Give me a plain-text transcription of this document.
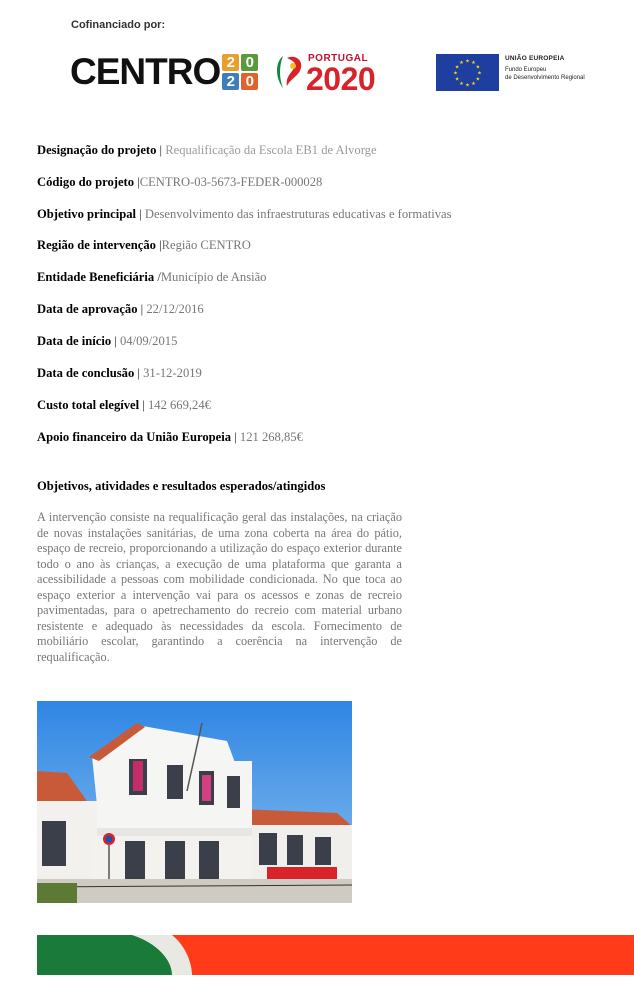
Cofinanciado por:
CENTRO 2 0
2 0
PORTUGAL
2020	★
★
★
★
★
★
★
★
★ ★ ★
★
UNIÃO EUROPEIA
Fundo Europeu
de Desenvolvimento Regional
Designação do projeto | Requalificação da Escola EB1 de Alvorge
Código do projeto |CENTRO-03-5673-FEDER-000028
Objetivo principal | Desenvolvimento das infraestruturas educativas e formativas
Região de intervenção |Região CENTRO
Entidade Beneficiária /Município de Ansião
Data de aprovação | 22/12/2016
Data de início | 04/09/2015
Data de conclusão | 31-12-2019
Custo total elegível | 142 669,24€
Apoio financeiro da União Europeia | 121 268,85€
Objetivos, atividades e resultados esperados/atingidos

A intervenção consiste na requalificação geral das instalações, na criação de novas instalações sanitárias, de uma zona coberta na área do pátio, espaço de recreio, proporcionando a utilização do espaço exterior durante todo o ano às crianças, a execução de uma plataforma que garanta a acessibilidade a pessoas com mobilidade condicionada. No que toca ao espaço exterior a intervenção vai para os acessos e zonas de recreio pavimentadas, para o apetrechamento do recreio com material urbano resistente e adequado às necessidades da escola. Fornecimento de mobiliário escolar, garantindo a coerência na intervenção de requalificação.
